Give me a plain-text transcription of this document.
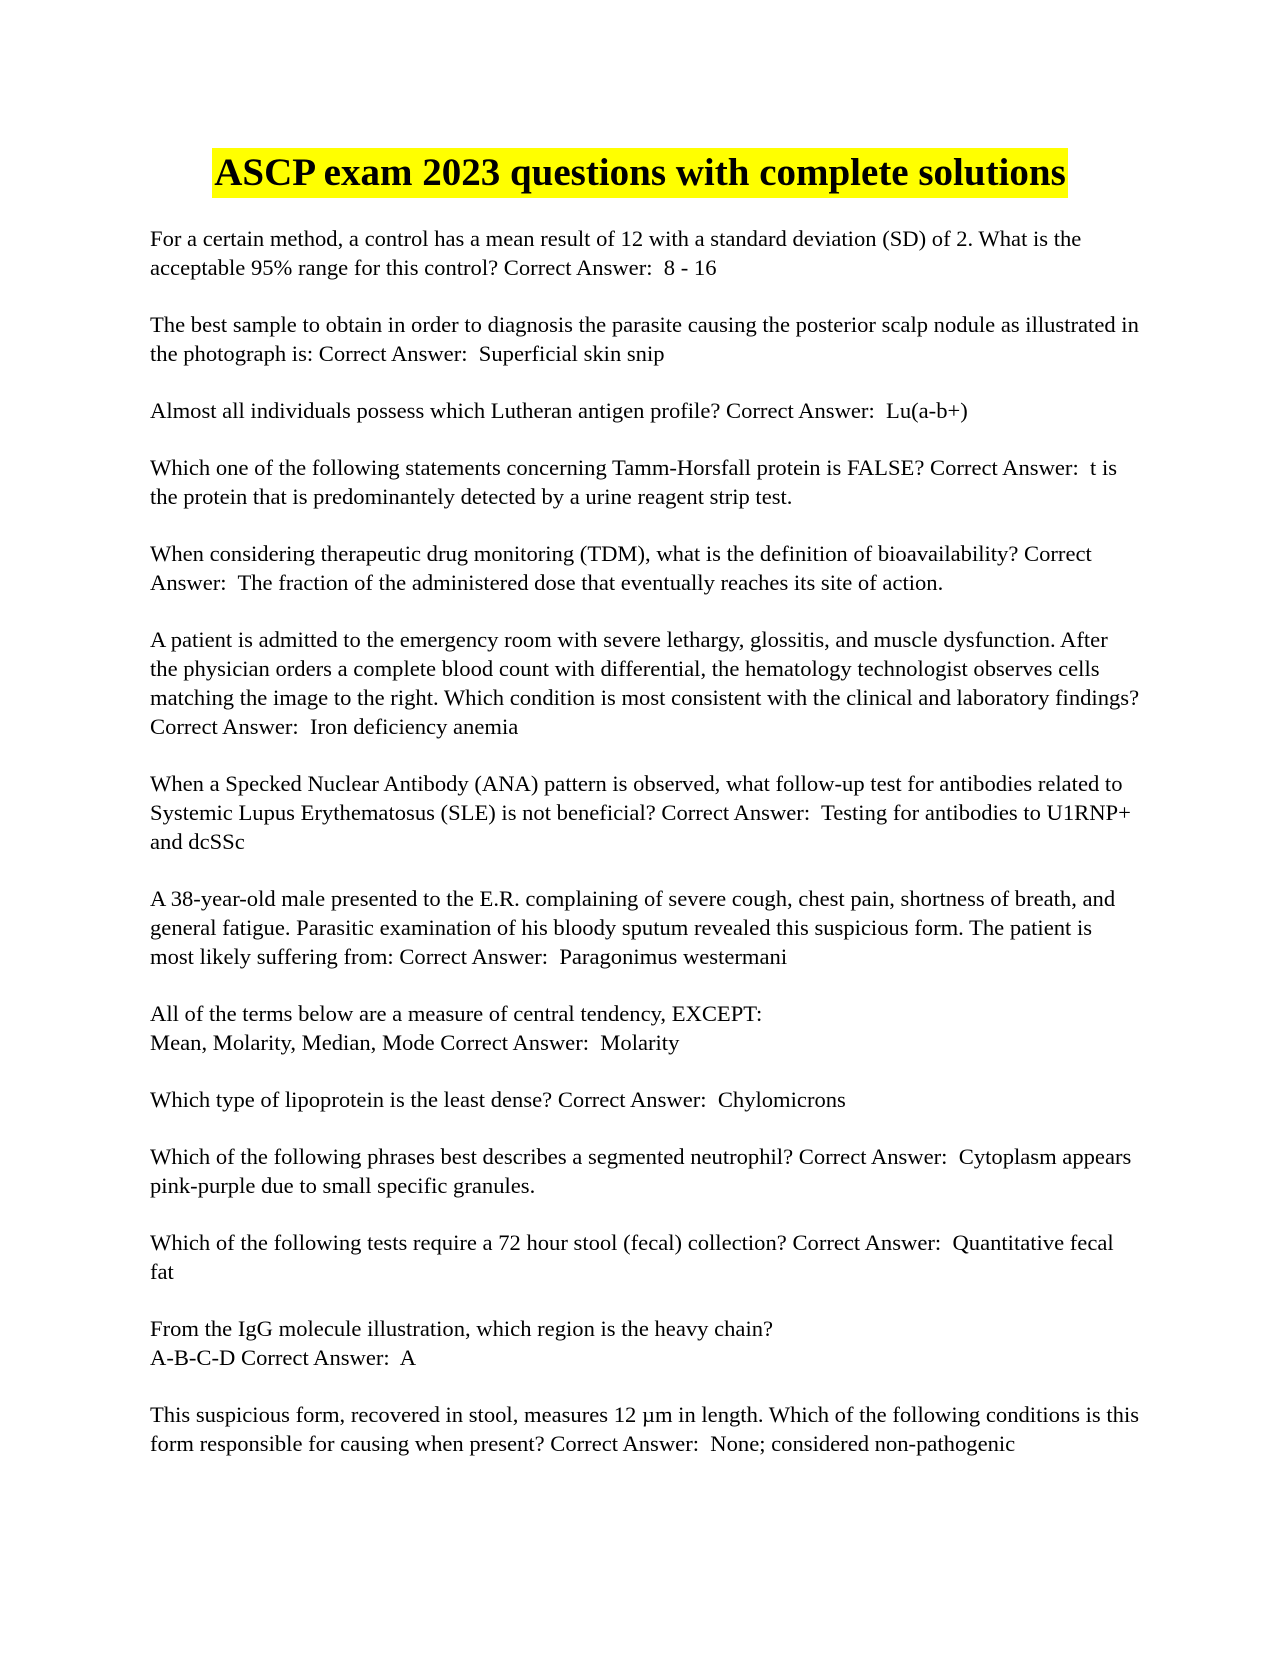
ASCP exam 2023 questions with complete solutions
For a certain method, a control has a mean result of 12 with a standard deviation (SD) of 2. What is the acceptable 95% range for this control? Correct Answer:  8 - 16
The best sample to obtain in order to diagnosis the parasite causing the posterior scalp nodule as illustrated in the photograph is: Correct Answer:  Superficial skin snip
Almost all individuals possess which Lutheran antigen profile? Correct Answer:  Lu(a-b+)
Which one of the following statements concerning Tamm-Horsfall protein is FALSE? Correct Answer:  t is the protein that is predominantely detected by a urine reagent strip test.
When considering therapeutic drug monitoring (TDM), what is the definition of bioavailability? Correct Answer:  The fraction of the administered dose that eventually reaches its site of action.
A patient is admitted to the emergency room with severe lethargy, glossitis, and muscle dysfunction. After the physician orders a complete blood count with differential, the hematology technologist observes cells matching the image to the right. Which condition is most consistent with the clinical and laboratory findings? Correct Answer:  Iron deficiency anemia
When a Specked Nuclear Antibody (ANA) pattern is observed, what follow-up test for antibodies related to Systemic Lupus Erythematosus (SLE) is not beneficial? Correct Answer:  Testing for antibodies to U1RNP+ and dcSSc
A 38-year-old male presented to the E.R. complaining of severe cough, chest pain, shortness of breath, and general fatigue. Parasitic examination of his bloody sputum revealed this suspicious form. The patient is most likely suffering from: Correct Answer:  Paragonimus westermani
All of the terms below are a measure of central tendency, EXCEPT:
Mean, Molarity, Median, Mode Correct Answer:  Molarity
Which type of lipoprotein is the least dense? Correct Answer:  Chylomicrons
Which of the following phrases best describes a segmented neutrophil? Correct Answer:  Cytoplasm appears pink-purple due to small specific granules.
Which of the following tests require a 72 hour stool (fecal) collection? Correct Answer:  Quantitative fecal fat
From the IgG molecule illustration, which region is the heavy chain?
A-B-C-D Correct Answer:  A
This suspicious form, recovered in stool, measures 12 µm in length. Which of the following conditions is this form responsible for causing when present? Correct Answer:  None; considered non-pathogenic
